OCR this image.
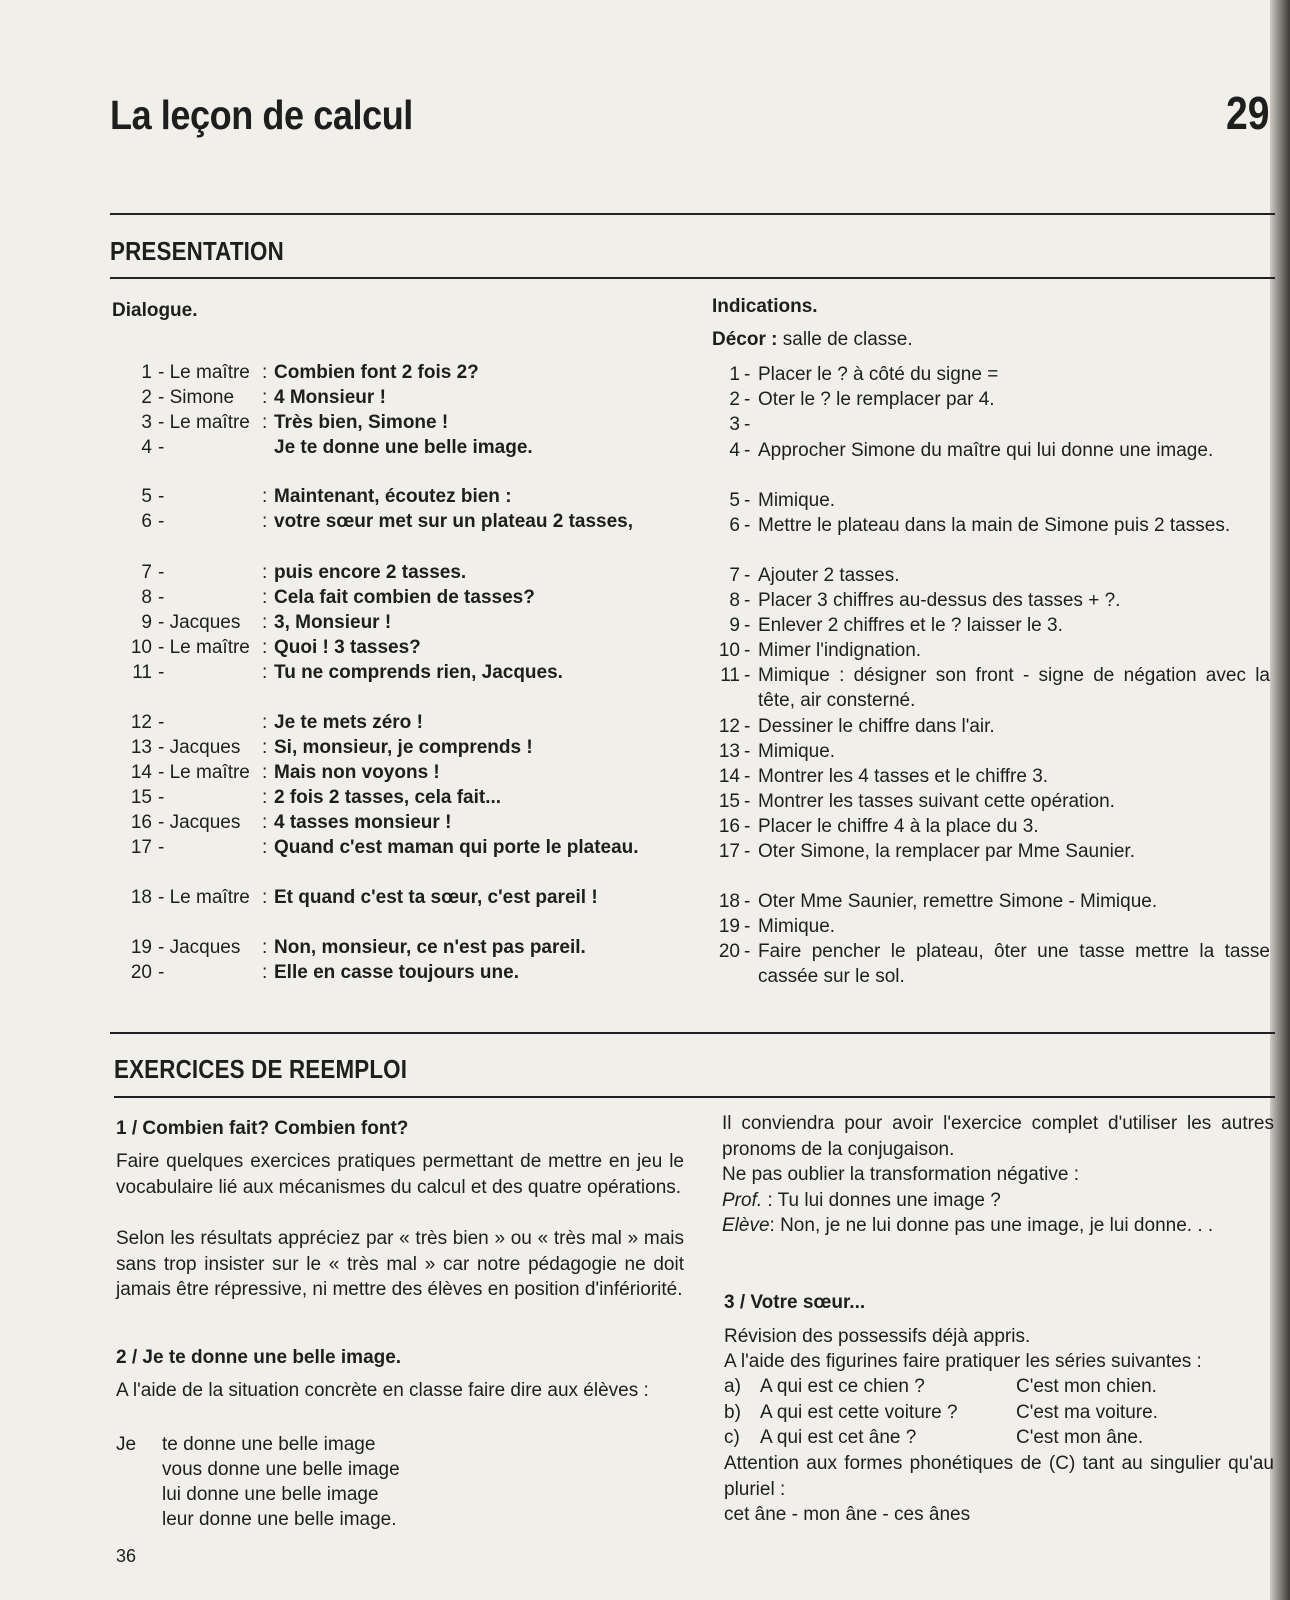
La leçon de calcul	29
PRESENTATION
Dialogue.	Indications.
Décor : salle de classe.
1 - Le maître : Combien font 2 fois 2?
2 - Simone	: 4 Monsieur !
3 - Le maître : Très bien, Simone !
4 -	Je te donne une belle image.
5 -	: Maintenant, écoutez bien :
6 -	: votre sœur met sur un plateau 2 tasses,
7 -	: puis encore 2 tasses.
8 -	: Cela fait combien de tasses?
9 - Jacques	: 3, Monsieur !
10 - Le maître : Quoi ! 3 tasses?
11 -	: Tu ne comprends rien, Jacques.
12 -	: Je te mets zéro !
13 - Jacques	: Si, monsieur, je comprends !
14 - Le maître : Mais non voyons !
15 -	: 2 fois 2 tasses, cela fait...
16 - Jacques	: 4 tasses monsieur !
17 -	: Quand c'est maman qui porte le plateau.
18 - Le maître : Et quand c'est ta sœur, c'est pareil !
19 - Jacques	: Non, monsieur, ce n'est pas pareil.
20 -	: Elle en casse toujours une.
1 - Placer le ? à côté du signe =
2 - Oter le ? le remplacer par 4.
3 -
4 - Approcher Simone du maître qui lui donne une image.
5 - Mimique.
6 - Mettre le plateau dans la main de Simone puis 2 tasses.
7 - Ajouter 2 tasses.
8 - Placer 3 chiffres au-dessus des tasses + ?.
9 - Enlever 2 chiffres et le ? laisser le 3.
10 - Mimer l'indignation.
11 - Mimique : désigner son front - signe de négation avec la tête, air consterné.
12 - Dessiner le chiffre dans l'air.
13 - Mimique.
14 - Montrer les 4 tasses et le chiffre 3.
15 - Montrer les tasses suivant cette opération.
16 - Placer le chiffre 4 à la place du 3.
17 - Oter Simone, la remplacer par Mme Saunier.
18 - Oter Mme Saunier, remettre Simone - Mimique.
19 - Mimique.
20 - Faire pencher le plateau, ôter une tasse mettre la tasse cassée sur le sol.
EXERCICES DE REEMPLOI
1 / Combien fait? Combien font?

Faire quelques exercices pratiques permettant de mettre en jeu le vocabulaire lié aux mécanismes du calcul et des quatre opérations.

Selon les résultats appréciez par « très bien » ou « très mal » mais sans trop insister sur le « très mal » car notre pédagogie ne doit jamais être répressive, ni mettre des élèves en position d'infériorité.

2 / Je te donne une belle image.

A l'aide de la situation concrète en classe faire dire aux élèves :

Je te donne une belle image
vous donne une belle image
lui donne une belle image
leur donne une belle image.

Il conviendra pour avoir l'exercice complet d'utiliser les autres pronoms de la conjugaison.

Ne pas oublier la transformation négative :
Prof. : Tu lui donnes une image ?
Elève: Non, je ne lui donne pas une image, je lui donne. . .
3 / Votre sœur...
Révision des possessifs déjà appris.
A l'aide des figurines faire pratiquer les séries suivantes :
a) A qui est ce chien ?	C'est mon chien.
b) A qui est cette voiture ?	C'est ma voiture.
c) A qui est cet âne ?	C'est mon âne.

Attention aux formes phonétiques de (C) tant au singulier qu'au pluriel :

cet âne - mon âne - ces ânes
36
